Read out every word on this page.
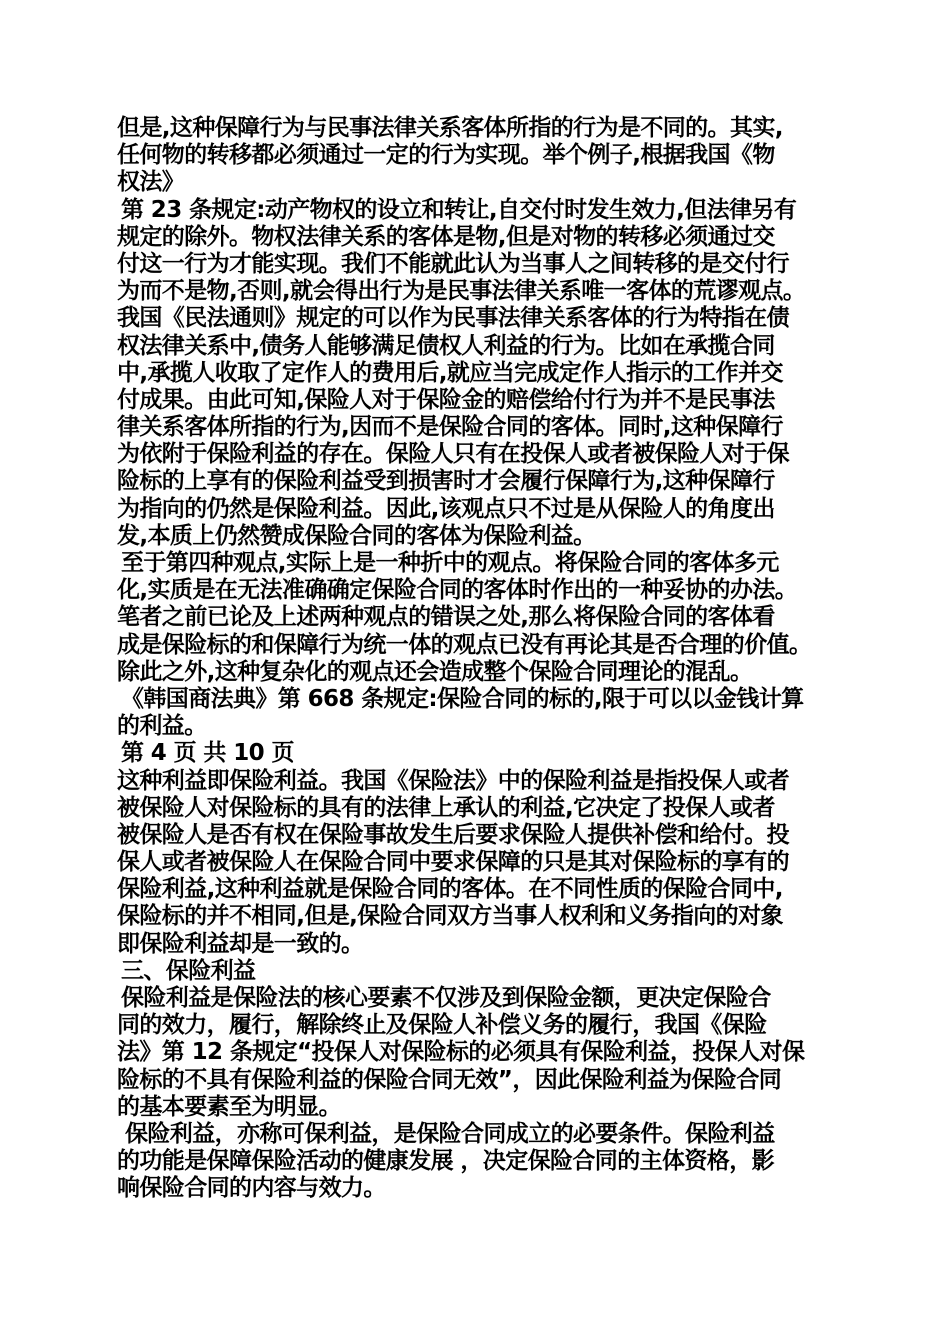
但是,这种保障行为与民事法律关系客体所指的行为是不同的。其实,
任何物的转移都必须通过一定的行为实现。举个例子,根据我国《物
权法》
第 23 条规定:动产物权的设立和转让,自交付时发生效力,但法律另有
规定的除外。物权法律关系的客体是物,但是对物的转移必须通过交
付这一行为才能实现。我们不能就此认为当事人之间转移的是交付行
为而不是物,否则,就会得出行为是民事法律关系唯一客体的荒谬观点。
我国《民法通则》规定的可以作为民事法律关系客体的行为特指在债
权法律关系中,债务人能够满足债权人利益的行为。比如在承揽合同
中,承揽人收取了定作人的费用后,就应当完成定作人指示的工作并交
付成果。由此可知,保险人对于保险金的赔偿给付行为并不是民事法
律关系客体所指的行为,因而不是保险合同的客体。同时,这种保障行
为依附于保险利益的存在。保险人只有在投保人或者被保险人对于保
险标的上享有的保险利益受到损害时才会履行保障行为,这种保障行
为指向的仍然是保险利益。因此,该观点只不过是从保险人的角度出
发,本质上仍然赞成保险合同的客体为保险利益。
至于第四种观点,实际上是一种折中的观点。将保险合同的客体多元
化,实质是在无法准确确定保险合同的客体时作出的一种妥协的办法。
笔者之前已论及上述两种观点的错误之处,那么将保险合同的客体看
成是保险标的和保障行为统一体的观点已没有再论其是否合理的价值。
除此之外,这种复杂化的观点还会造成整个保险合同理论的混乱。
《韩国商法典》第 668 条规定:保险合同的标的,限于可以以金钱计算
的利益。
第 4 页 共 10 页
这种利益即保险利益。我国《保险法》中的保险利益是指投保人或者
被保险人对保险标的具有的法律上承认的利益,它决定了投保人或者
被保险人是否有权在保险事故发生后要求保险人提供补偿和给付。投
保人或者被保险人在保险合同中要求保障的只是其对保险标的享有的
保险利益,这种利益就是保险合同的客体。在不同性质的保险合同中,
保险标的并不相同,但是,保险合同双方当事人权利和义务指向的对象
即保险利益却是一致的。
三、保险利益
保险利益是保险法的核心要素不仅涉及到保险金额，更决定保险合
同的效力，履行，解除终止及保险人补偿义务的履行，我国《保险
法》第 12 条规定“投保人对保险标的必须具有保险利益，投保人对保
险标的不具有保险利益的保险合同无效”，因此保险利益为保险合同
的基本要素至为明显。
保险利益，亦称可保利益，是保险合同成立的必要条件。保险利益
的功能是保障保险活动的健康发展 ，决定保险合同的主体资格，影
响保险合同的内容与效力。
